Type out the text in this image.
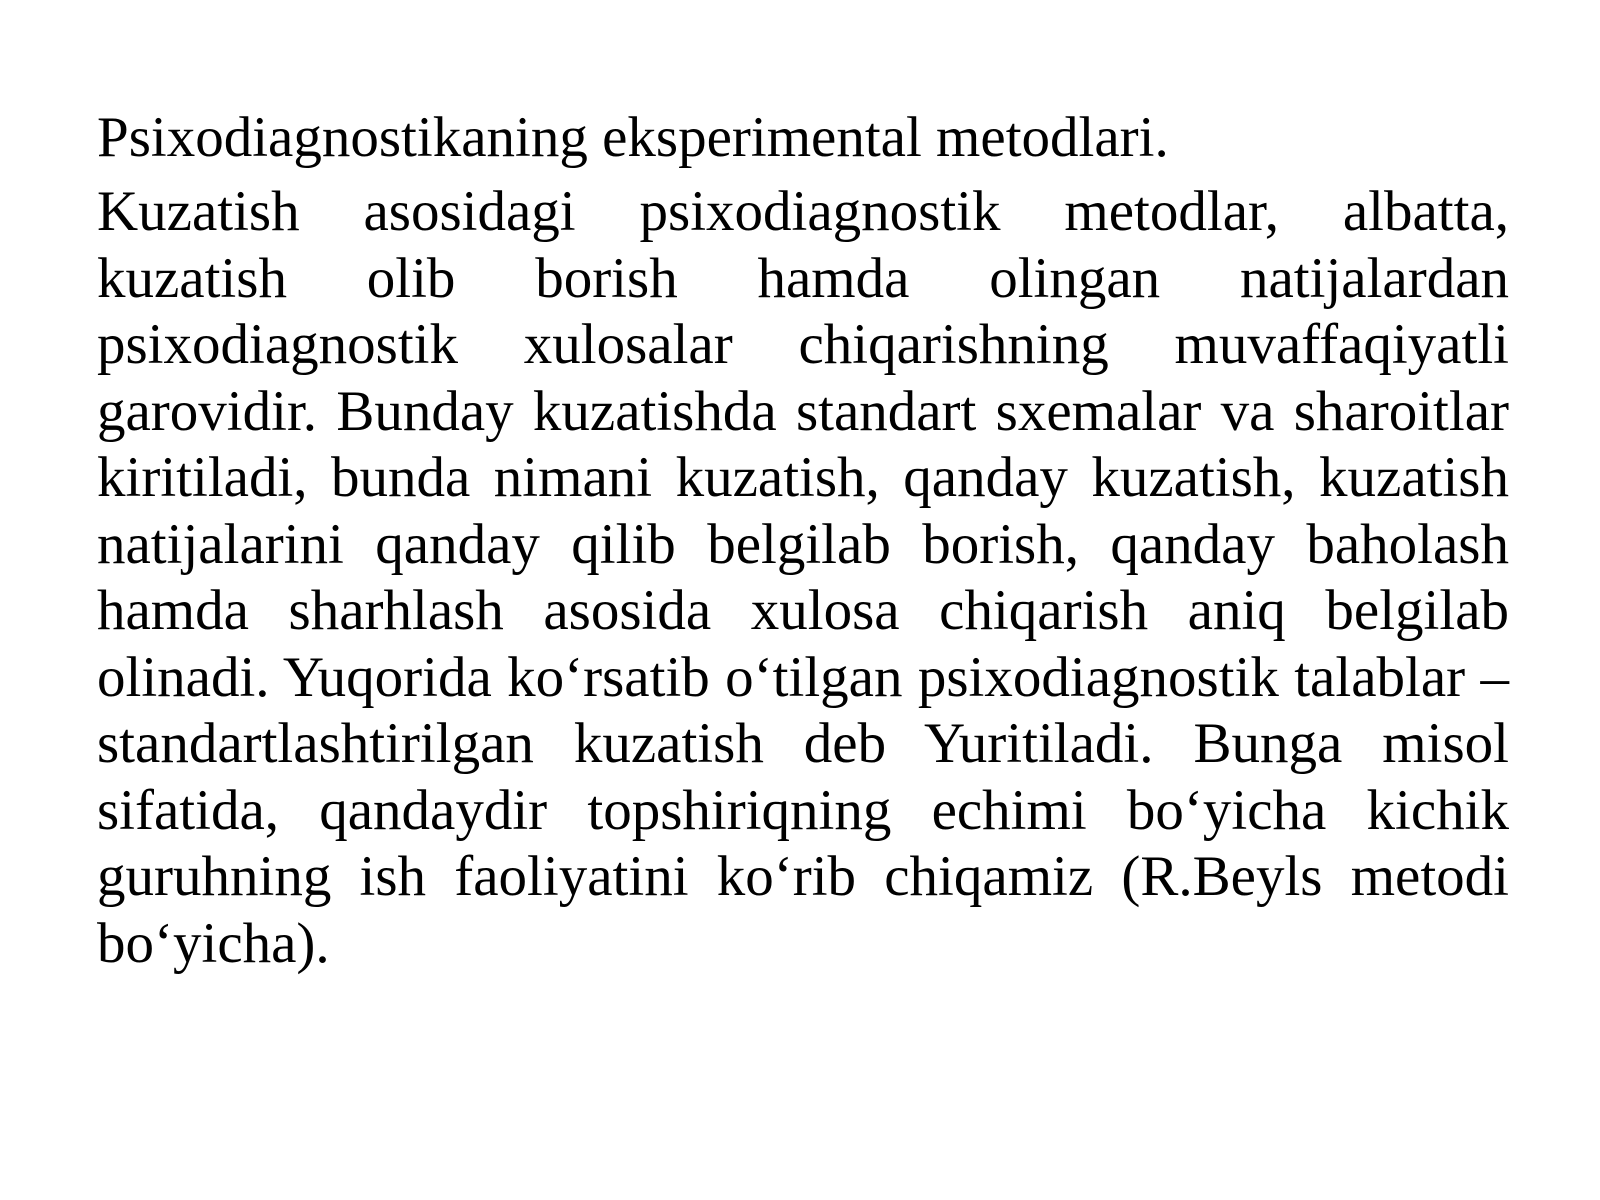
Psixodiagnostikaning eksperimental metodlari.

Kuzatish asosidagi psixodiagnostik metodlar, albatta, kuzatish olib borish hamda olingan natijalardan psixodiagnostik xulosalar chiqarishning muvaffaqiyatli garovidir. Bunday kuzatishda standart sxemalar va sharoitlar kiritiladi, bunda nimani kuzatish, qanday kuzatish, kuzatish natijalarini qanday qilib belgilab borish, qanday baholash hamda sharhlash asosida xulosa chiqarish aniq belgilab olinadi. Yuqorida ko‘rsatib o‘tilgan psixodiagnostik talablar – standartlashtirilgan kuzatish deb Yuritiladi. Bunga misol sifatida, qandaydir topshiriqning echimi bo‘yicha kichik guruhning ish faoliyatini ko‘rib chiqamiz (R.Beyls metodi bo‘yicha).
